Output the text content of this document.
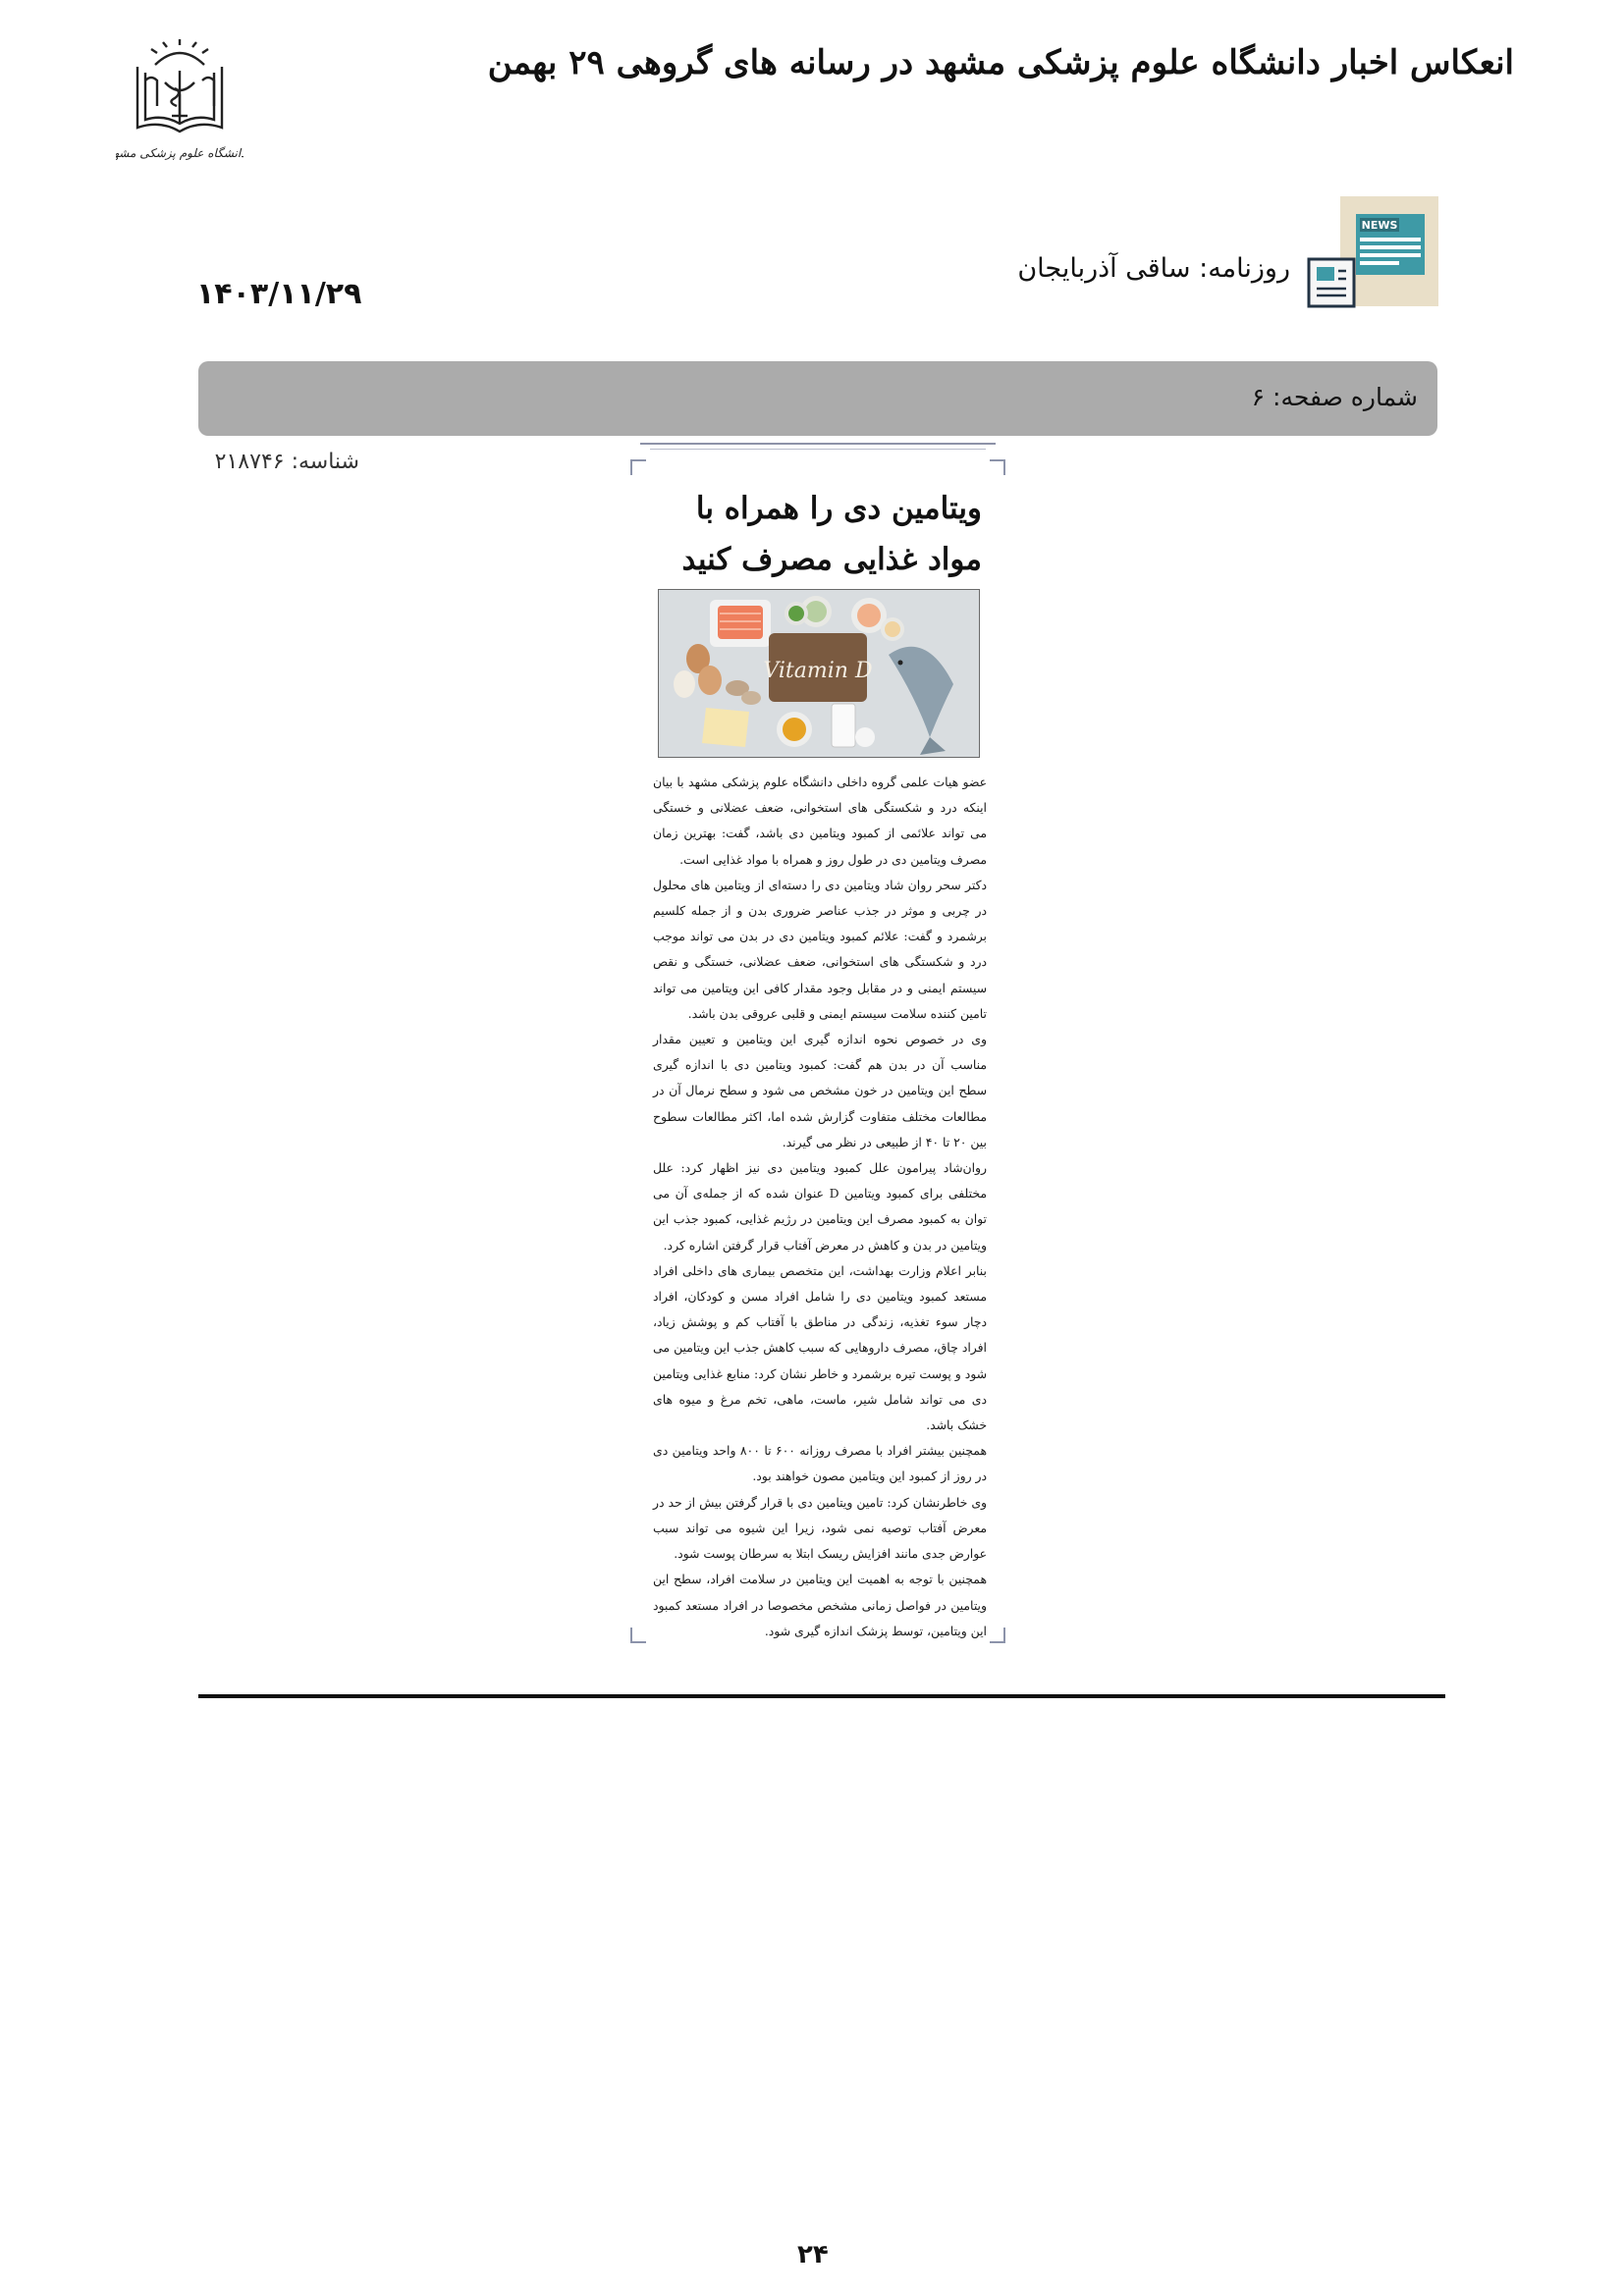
دانشگاه علوم پزشکی مشهد
انعکاس اخبار دانشگاه علوم پزشکی مشهد در رسانه های گروهی ۲۹ بهمن
NEWS
روزنامه: ساقی آذربایجان
۱۴۰۳/۱۱/۲۹
شماره صفحه: ۶
شناسه: ۲۱۸۷۴۶
ویتامین دی را همراه با
مواد غذایی مصرف کنید
Vitamin D

عضو هیات علمی گروه داخلی دانشگاه علوم پزشکی مشهد با بیان اینکه درد و شکستگی های استخوانی، ضعف عضلانی و خستگی می تواند علائمی از کمبود ویتامین دی باشد، گفت: بهترین زمان مصرف ویتامین دی در طول روز و همراه با مواد غذایی است.

دکتر سحر روان شاد ویتامین دی را دسته‌ای از ویتامین های محلول در چربی و موثر در جذب عناصر ضروری بدن و از جمله کلسیم برشمرد و گفت: علائم کمبود ویتامین دی در بدن می تواند موجب درد و شکستگی های استخوانی، ضعف عضلانی، خستگی و نقص سیستم ایمنی و در مقابل وجود مقدار کافی این ویتامین می تواند تامین کننده سلامت سیستم ایمنی و قلبی عروقی بدن باشد.

وی در خصوص نحوه اندازه گیری این ویتامین و تعیین مقدار مناسب آن در بدن هم گفت: کمبود ویتامین دی با اندازه گیری سطح این ویتامین در خون مشخص می شود و سطح نرمال آن در مطالعات مختلف متفاوت گزارش شده اما، اکثر مطالعات سطوح بین ۲۰ تا ۴۰ از طبیعی در نظر می گیرند.

روان‌شاد پیرامون علل کمبود ویتامین دی نیز اظهار کرد: علل مختلفی برای کمبود ویتامین D عنوان شده که از جمله‌ی آن می توان به کمبود مصرف این ویتامین در رژیم غذایی، کمبود جذب این ویتامین در بدن و کاهش در معرض آفتاب قرار گرفتن اشاره کرد.

بنابر اعلام وزارت بهداشت، این متخصص بیماری های داخلی افراد مستعد کمبود ویتامین دی را شامل افراد مسن و کودکان، افراد دچار سوء تغذیه، زندگی در مناطق با آفتاب کم و پوشش زیاد، افراد چاق، مصرف داروهایی که سبب کاهش جذب این ویتامین می شود و پوست تیره برشمرد و خاطر نشان کرد: منابع غذایی ویتامین دی می تواند شامل شیر، ماست، ماهی، تخم مرغ و میوه های خشک باشد.

همچنین بیشتر افراد با مصرف روزانه ۶۰۰ تا ۸۰۰ واحد ویتامین دی در روز از کمبود این ویتامین مصون خواهند بود.

وی خاطرنشان کرد: تامین ویتامین دی با قرار گرفتن بیش از حد در معرض آفتاب توصیه نمی شود، زیرا این شیوه می تواند سبب عوارض جدی مانند افزایش ریسک ابتلا به سرطان پوست شود.

همچنین با توجه به اهمیت این ویتامین در سلامت افراد، سطح این ویتامین در فواصل زمانی مشخص مخصوصا در افراد مستعد کمبود این ویتامین، توسط پزشک اندازه گیری شود.

۲۴
